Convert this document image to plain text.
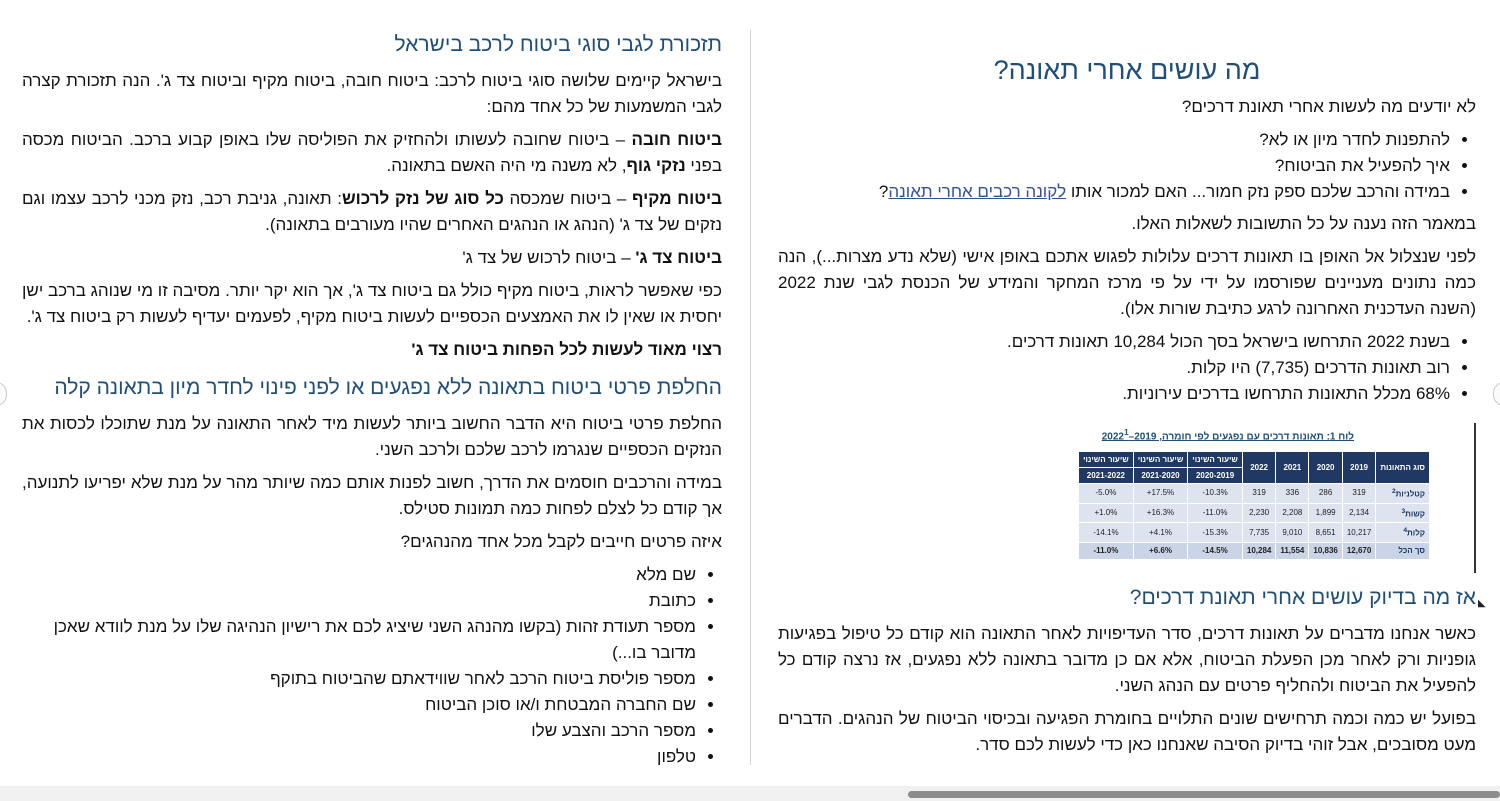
תזכורת לגבי סוגי ביטוח לרכב בישראל

בישראל קיימים שלושה סוגי ביטוח לרכב: ביטוח חובה, ביטוח מקיף וביטוח צד ג'. הנה תזכורת קצרה לגבי המשמעות של כל אחד מהם:

ביטוח חובה – ביטוח שחובה לעשותו ולהחזיק את הפוליסה שלו באופן קבוע ברכב. הביטוח מכסה בפני נזקי גוף, לא משנה מי היה האשם בתאונה.

ביטוח מקיף – ביטוח שמכסה כל סוג של נזק לרכוש: תאונה, גניבת רכב, נזק מכני לרכב עצמו וגם נזקים של צד ג' (הנהג או הנהגים האחרים שהיו מעורבים בתאונה).

ביטוח צד ג' – ביטוח לרכוש של צד ג'

כפי שאפשר לראות, ביטוח מקיף כולל גם ביטוח צד ג', אך הוא יקר יותר. מסיבה זו מי שנוהג ברכב ישן יחסית או שאין לו את האמצעים הכספיים לעשות ביטוח מקיף, לפעמים יעדיף לעשות רק ביטוח צד ג'.

רצוי מאוד לעשות לכל הפחות ביטוח צד ג'

החלפת פרטי ביטוח בתאונה ללא נפגעים או לפני פינוי לחדר מיון בתאונה קלה

החלפת פרטי ביטוח היא הדבר החשוב ביותר לעשות מיד לאחר התאונה על מנת שתוכלו לכסות את הנזקים הכספיים שנגרמו לרכב שלכם ולרכב השני.

במידה והרכבים חוסמים את הדרך, חשוב לפנות אותם כמה שיותר מהר על מנת שלא יפריעו לתנועה, אך קודם כל לצלם לפחות כמה תמונות סטילס.

איזה פרטים חייבים לקבל מכל אחד מהנהגים?

• שם מלא
• כתובת
• מספר תעודת זהות (בקשו מהנהג השני שיציג לכם את רישיון הנהיגה שלו על מנת לוודא שאכן מדובר בו...)
• מספר פוליסת ביטוח הרכב לאחר שווידאתם שהביטוח בתוקף
• שם החברה המבטחת ו/או סוכן הביטוח
• מספר הרכב והצבע שלו
• טלפון
מה עושים אחרי תאונה?

לא יודעים מה לעשות אחרי תאונת דרכים?

• להתפנות לחדר מיון או לא?
• איך להפעיל את הביטוח?
• במידה והרכב שלכם ספק נזק חמור... האם למכור אותו לקונה רכבים אחרי תאונה?

במאמר הזה נענה על כל התשובות לשאלות האלו.

לפני שנצלול אל האופן בו תאונות דרכים עלולות לפגוש אתכם באופן אישי (שלא נדע מצרות...), הנה כמה נתונים מעניינים שפורסמו על ידי על פי מרכז המחקר והמידע של הכנסת לגבי שנת 2022 (השנה העדכנית האחרונה לרגע כתיבת שורות אלו).

• בשנת 2022 התרחשו בישראל בסך הכול 10,284 תאונות דרכים.
• רוב תאונות הדרכים (7,735) היו קלות.
• 68% מכלל התאונות התרחשו בדרכים עירוניות.
לוח 1: תאונות דרכים עם נפגעים לפי חומרה, 2019–2022$^1$
סוג התאונות	2019	2020	2021	2022	שיעור השינוי	שיעור השינוי	שיעור השינוי
					2020-2019	2021-2020	2021-2022
קטלניות$^2$	319	286	336	319	-10.3%	+17.5%	-5.0%
קשות$^3$	2,134	1,899	2,208	2,230	-11.0%	+16.3%	+1.0%
קלות$^4$	10,217	8,651	9,010	7,735	-15.3%	+4.1%	-14.1%
סך הכל	12,670	10,836	11,554	10,284	-14.5%	+6.6%	-11.0%
אז מה בדיוק עושים אחרי תאונת דרכים?

כאשר אנחנו מדברים על תאונות דרכים, סדר העדיפויות לאחר התאונה הוא קודם כל טיפול בפגיעות גופניות ורק לאחר מכן הפעלת הביטוח, אלא אם כן מדובר בתאונה ללא נפגעים, אז נרצה קודם כל להפעיל את הביטוח ולהחליף פרטים עם הנהג השני.

בפועל יש כמה וכמה תרחישים שונים התלויים בחומרת הפגיעה ובכיסוי הביטוח של הנהגים. הדברים מעט מסובכים, אבל זוהי בדיוק הסיבה שאנחנו כאן כדי לעשות לכם סדר.

◣
